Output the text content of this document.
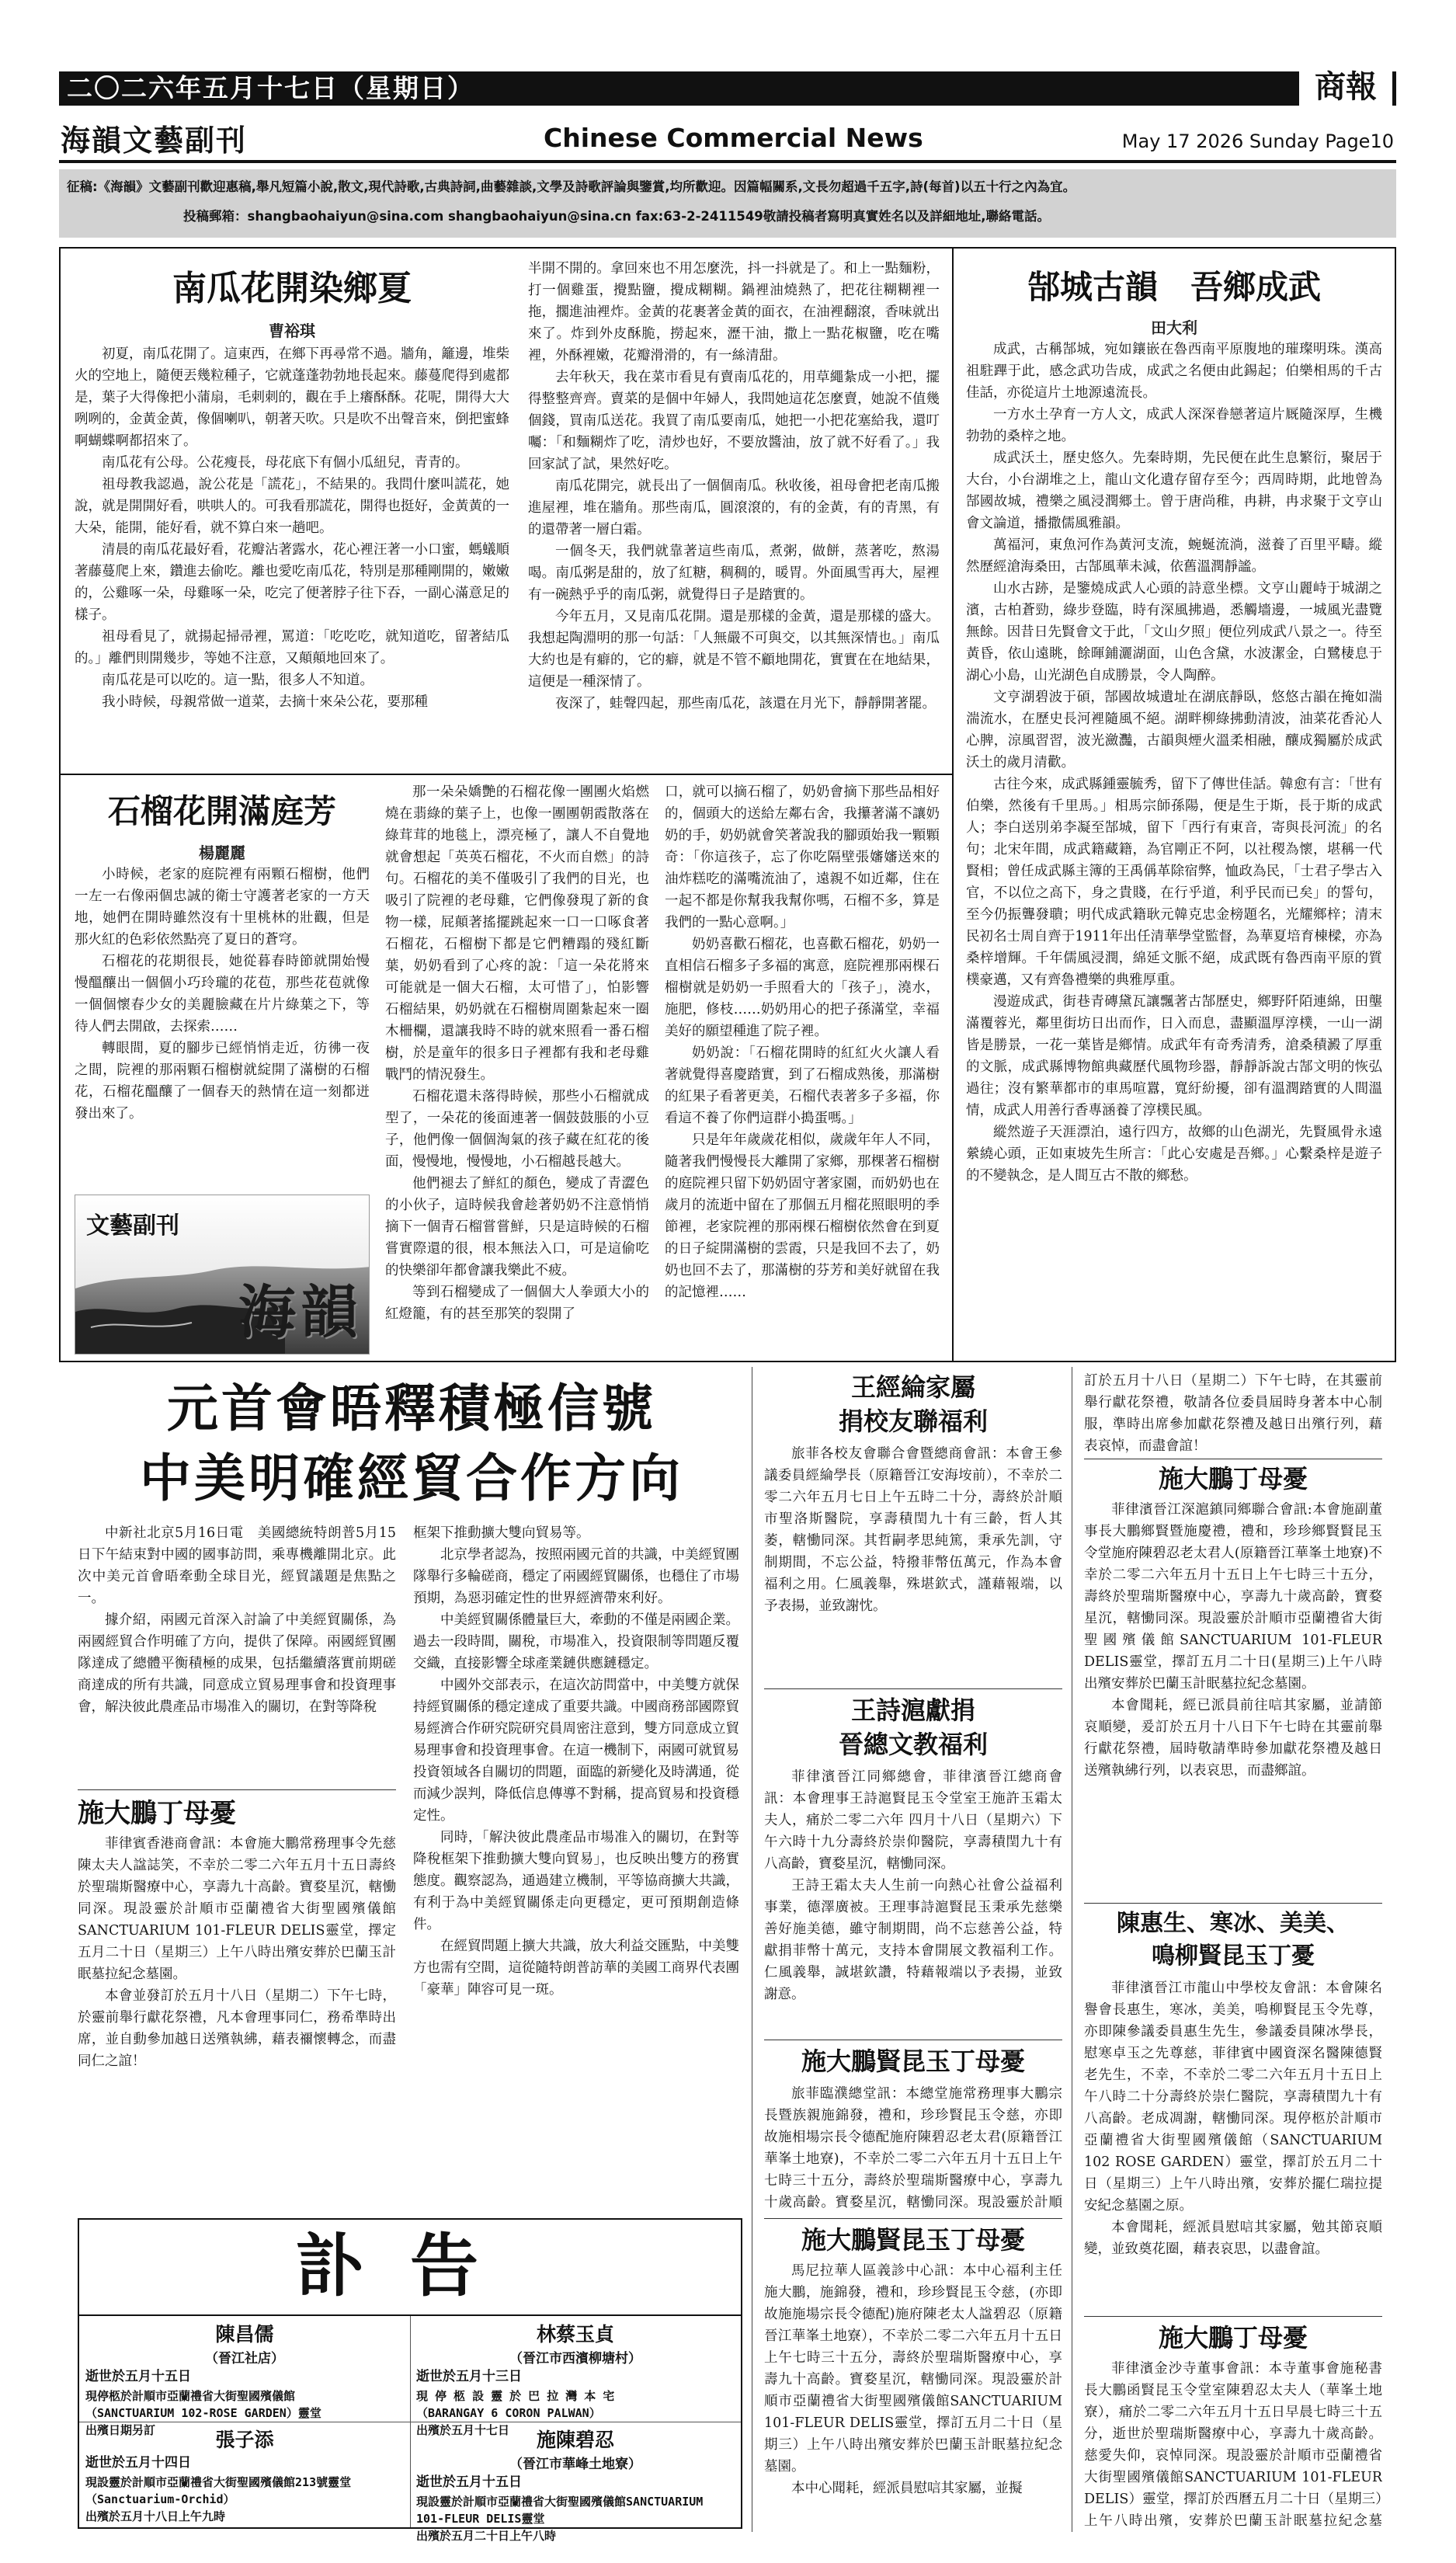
二〇二六年五月十七日（星期日）	商報
海韻文藝副刊	Chinese Commercial News	May 17 2026 Sunday Page10
征稿:《海韻》文藝副刊歡迎惠稿,舉凡短篇小說,散文,現代詩歌,古典詩詞,曲藝雜談,文學及詩歌評論與鑒賞,均所歡迎。因篇幅關系,文長勿超過千五字,詩(每首)以五十行之內為宜。
投稿郵箱：shangbaohaiyun@sina.com shangbaohaiyun@sina.cn fax:63-2-2411549敬請投稿者寫明真實姓名以及詳細地址,聯絡電話。
南瓜花開染鄉夏
曹裕琪

初夏，南瓜花開了。這東西，在鄉下再尋常不過。牆角，籬邊，堆柴火的空地上，隨便丟幾粒種子，它就蓬蓬勃勃地長起來。藤蔓爬得到處都是，葉子大得像把小蒲扇，毛刺刺的，觀在手上癢酥酥。花呢，開得大大咧咧的，金黃金黃，像個喇叭，朝著天吹。只是吹不出聲音來，倒把蜜蜂啊蝴蝶啊都招來了。

南瓜花有公母。公花瘦長，母花底下有個小瓜紐兒，青青的。

祖母教我認過，說公花是「謊花」，不結果的。我問什麼叫謊花，她說，就是開開好看，哄哄人的。可我看那謊花，開得也挺好，金黃黃的一大朵，能開，能好看，就不算白來一趟吧。

清晨的南瓜花最好看，花瓣沾著露水，花心裡汪著一小口蜜，螞蟻順著藤蔓爬上來，鑽進去偷吃。離也愛吃南瓜花，特別是那種剛開的，嫩嫩的，公雞啄一朵，母雞啄一朵，吃完了便著脖子往下吞，一副心滿意足的樣子。

祖母看見了，就揚起掃帚裡，罵道：「吃吃吃，就知道吃，留著結瓜的。」離們則開幾步，等她不注意，又顛顛地回來了。

南瓜花是可以吃的。這一點，很多人不知道。

我小時候，母親常做一道菜，去摘十來朵公花，要那種

半開不開的。拿回來也不用怎麼洗，抖一抖就是了。和上一點麵粉，打一個雞蛋，攪點鹽，攪成糊糊。鍋裡油燒熱了，把花往糊糊裡一拖，擱進油裡炸。金黃的花裹著金黃的面衣，在油裡翻滾，香味就出來了。炸到外皮酥脆，撈起來，瀝干油，撒上一點花椒鹽，吃在嘴裡，外酥裡嫩，花瓣滑滑的，有一絲清甜。

去年秋天，我在菜市看見有賣南瓜花的，用草繩紮成一小把，擺得整整齊齊。賣菜的是個中年婦人，我問她這花怎麼賣，她說不值幾個錢，買南瓜送花。我買了南瓜要南瓜，她把一小把花塞給我，還叮囑：「和麵糊炸了吃，清炒也好，不要放醬油，放了就不好看了。」我回家試了試，果然好吃。

南瓜花開完，就長出了一個個南瓜。秋收後，祖母會把老南瓜搬進屋裡，堆在牆角。那些南瓜，圓滾滾的，有的金黃，有的青黑，有的還帶著一層白霜。

一個冬天，我們就靠著這些南瓜，煮粥，做餅，蒸著吃，熬湯喝。南瓜粥是甜的，放了紅糖，稠稠的，暖胃。外面風雪再大，屋裡有一碗熱乎乎的南瓜粥，就覺得日子是踏實的。

今年五月，又見南瓜花開。還是那樣的金黃，還是那樣的盛大。我想起陶淵明的那一句話：「人無嚴不可與交，以其無深情也。」南瓜大約也是有癖的，它的癖，就是不管不顧地開花，實實在在地結果，這便是一種深情了。

夜深了，蛙聲四起，那些南瓜花，該還在月光下，靜靜開著罷。

石榴花開滿庭芳
楊麗麗

小時候，老家的庭院裡有兩顆石榴樹，他們一左一右像兩個忠誠的衛士守護著老家的一方天地，她們在開時雖然沒有十里桃林的壯觀，但是那火紅的色彩依然點亮了夏日的蒼穹。

石榴花的花期很長，她從暮春時節就開始慢慢醞釀出一個個小巧玲瓏的花苞，那些花苞就像一個個懷春少女的美麗臉藏在片片綠葉之下，等待人們去開啟，去探索……

轉眼間，夏的腳步已經悄悄走近，彷彿一夜之間，院裡的那兩顆石榴樹就綻開了滿樹的石榴花，石榴花醞釀了一個春天的熱情在這一刻都迸發出來了。

文藝副刊
海韻

那一朵朵嬌艷的石榴花像一團團火焰燃燒在翡綠的葉子上，也像一團團朝霞散落在綠茸茸的地毯上，漂亮極了，讓人不自覺地就會想起「英英石榴花，不火而自燃」的詩句。石榴花的美不僅吸引了我們的目光，也吸引了院裡的老母雞，它們像發現了新的食物一樣，屁顛著搖擺跳起來一口一口啄食著石榴花，石榴樹下都是它們糟蹋的殘紅斷葉，奶奶看到了心疼的說：「這一朵花將來可能就是一個大石榴，太可惜了」，怕影響石榴結果，奶奶就在石榴樹周圍紮起來一圈木柵欄，還讓我時不時的就來照看一番石榴樹，於是童年的很多日子裡都有我和老母雞戰鬥的情況發生。

石榴花還未落得時候，那些小石榴就成型了，一朵花的後面連著一個鼓鼓脹的小豆子，他們像一個個淘氣的孩子藏在紅花的後面，慢慢地，慢慢地，小石榴越長越大。

他們褪去了鮮紅的顏色，變成了青澀色的小伙子，這時候我會趁著奶奶不注意悄悄摘下一個青石榴嘗嘗鮮，只是這時候的石榴嘗實際還的很，根本無法入口，可是這偷吃的快樂卻年都會讓我樂此不疲。

等到石榴變成了一個個大人拳頭大小的紅燈籠，有的甚至那笑的裂開了

口，就可以摘石榴了，奶奶會摘下那些品相好的，個頭大的送給左鄰右舍，我攥著滿不讓奶奶的手，奶奶就會笑著說我的腳頭始我一顆顆奇：「你這孩子，忘了你吃隔壁張嬸嬸送來的油炸糕吃的滿嘴流油了，遠親不如近鄰，住在一起不都是你幫我我幫你嗎，石榴不多，算是我們的一點心意啊。」

奶奶喜歡石榴花，也喜歡石榴花，奶奶一直相信石榴多子多福的寓意，庭院裡那兩棵石榴樹就是奶奶一手照看大的「孩子」，澆水，施肥，修枝……奶奶用心的把子孫滿堂，幸福美好的願望種進了院子裡。

奶奶說：「石榴花開時的紅紅火火讓人看著就覺得喜慶踏實，到了石榴成熟後，那滿樹的紅果子看著更美，石榴代表著多子多福，你看這不養了你們這群小搗蛋嗎。」

只是年年歲歲花相似，歲歲年年人不同，隨著我們慢慢長大離開了家鄉，那棵著石榴樹的庭院裡只留下奶奶固守著家園，而奶奶也在歲月的流逝中留在了那個五月榴花照眼明的季節裡，老家院裡的那兩棵石榴樹依然會在到夏的日子綻開滿樹的雲霞，只是我回不去了，奶奶也回不去了，那滿樹的芬芳和美好就留在我的記憶裡……

郜城古韻　吾鄉成武
田大利

成武，古稱郜城，宛如鑲嵌在魯西南平原腹地的璀璨明珠。漢高祖駐蹕于此，感念武功告成，成武之名便由此錫起；伯樂相馬的千古佳話，亦從這片土地源遠流長。

一方水土孕育一方人文，成武人深深眷戀著這片厩隨深厚，生機勃勃的桑梓之地。

成武沃土，歷史悠久。先秦時期，先民便在此生息繁衍，聚居于大台，小台湖堆之上，龍山文化遺存留存至今；西周時期，此地曾為郜國故城，禮樂之風浸潤郷土。曾于唐尚稚，冉耕，冉求聚于文亨山會文論道，播撒儒風雅韻。

萬福河，東魚河作為黃河支流，蜿蜒流淌，滋養了百里平疇。縱然歷經滄海桑田，古郜風華未減，依舊溫潤靜謐。

山水古跡，是鑒燒成武人心頭的詩意坐標。文亨山麗峙于城湖之濱，古柏蒼勁，綠步登臨，時有深風拂過，悉觸墻邊，一城風光盡覽無餘。因昔日先賢會文于此，「文山夕照」便位列成武八景之一。待至黃昏，依山遠眺，餘暉鋪灑湖面，山色含黛，水波潔金，白鷺棲息于湖心小島，山光湖色自成勝景，令人陶醉。

文亨湖碧波于碩，郜國故城遺址在湖底靜臥，悠悠古韻在掩如湍湍流水，在歷史長河裡隨風不絕。湖畔柳綠拂動清波，油菜花香沁人心脾，涼風習習，波光瀲灩，古韻與煙火溫柔相融，釀成獨屬於成武沃土的歲月清歡。

古往今來，成武縣鍾靈毓秀，留下了傳世佳話。韓愈有言：「世有伯樂，然後有千里馬。」相馬宗師孫陽，便是生于斯，長于斯的成武人；李白送別弟李凝至郜城，留下「西行有東音，寄與長河流」的名句；北宋年間，成武籍藏籍，為官剛正不阿，以社稷為懷，堪稱一代賢相；曾任成武縣主簿的王禹偁革除宿弊，恤政為民，「士君子學古入官，不以位之高下，身之貴賤，在行乎道，利乎民而已矣」的誓句，至今仍振聾發聵；明代成武籍耿元韓克忠金榜題名，光耀鄉梓；清末民初名士周自齊于1911年出任清華學堂監督，為華夏培育棟樑，亦為桑梓增輝。千年儒風浸潤，綿延文脈不絕，成武既有魯西南平原的質樸豪邁，又有齊魯禮樂的典雅厚重。

漫遊成武，街巷青磚黛瓦讓飄著古郜歷史，鄉野阡陌連綿，田壟滿覆蓉光，鄰里街坊日出而作，日入而息，盡顯溫厚淳樸，一山一湖皆是勝景，一花一葉皆是鄉情。成武年有奇秀清秀，滄桑積澱了厚重的文脈，成武縣博物館典藏歷代風物珍器，靜靜訴說古郜文明的恢弘過往；沒有繁華都市的車馬喧囂，寬紆紛擾，卻有溫潤踏實的人間溫情，成武人用善行香專涵養了淳樸民風。

縱然遊子天涯漂泊，遠行四方，故鄉的山色湖光，先賢風骨永遠縈繞心頭，正如東坡先生所言：「此心安處是吾鄉。」心繫桑梓是遊子的不變執念，是人間互古不散的鄉愁。

元首會晤釋積極信號
中美明確經貿合作方向

中新社北京5月16日電　美國總統特朗普5月15日下午結束對中國的國事訪問，乘專機離開北京。此次中美元首會晤牽動全球目光，經貿議題是焦點之一。

據介紹，兩國元首深入討論了中美經貿關係，為兩國經貿合作明確了方向，提供了保障。兩國經貿團隊達成了總體平衡積極的成果，包括繼續落實前期磋商達成的所有共識，同意成立貿易理事會和投資理事會，解決彼此農產品市場准入的關切，在對等降稅

框架下推動擴大雙向貿易等。

北京學者認為，按照兩國元首的共識，中美經貿團隊舉行多輪磋商，穩定了兩國經貿關係，也穩住了市場預期，為惡羽確定性的世界經濟帶來利好。

中美經貿關係體量巨大，牽動的不僅是兩國企業。過去一段時間，關稅，市場准入，投資限制等問題反覆交織，直接影響全球產業鏈供應鏈穩定。

中國外交部表示，在這次訪問當中，中美雙方就保持經貿關係的穩定達成了重要共識。中國商務部國際貿易經濟合作研究院研究員周密注意到，雙方同意成立貿易理事會和投資理事會。在這一機制下，兩國可就貿易投資領域各自關切的問題，面臨的新變化及時溝通，從而減少誤判，降低信息傳導不對稱，提高貿易和投資穩定性。

同時，「解決彼此農產品市場准入的關切，在對等降稅框架下推動擴大雙向貿易」，也反映出雙方的務實態度。觀察認為，通過建立機制，平等協商擴大共識，有利于為中美經貿關係走向更穩定，更可預期創造條件。

在經貿問題上擴大共識，放大利益交匯點，中美雙方也需有空間，這從隨特朗普訪華的美國工商界代表團「豪華」陣容可見一斑。

施大鵬丁母憂

菲律賓香港商會訊：本會施大鵬常務理事令先慈陳太夫人諡誌笑，不幸於二零二六年五月十五日壽終於聖瑞斯醫療中心，享壽九十高齡。寶婺星沉，轄慟同深。現設靈於計順市亞蘭禮省大街聖國殯儀館SANCTUARIUM 101-FLEUR DELIS靈堂，擇定五月二十日（星期三）上午八時出殯安葬於巴蘭玉計眠墓拉紀念墓園。

本會並發訂於五月十八日（星期二）下午七時，於靈前舉行獻花祭禮，凡本會理事同仁，務希準時出席，並自動參加越日送殯執紼，藉表禰懷轉念，而盡同仁之誼！

王經綸家屬
捐校友聯福利

旅菲各校友會聯合會暨總商會訊：本會王參議委員經綸學長（原籍晉江安海垵前），不幸於二零二六年五月七日上午五時二十分，壽終於計順市聖洛斯醫院，享壽積閏九十有三齡，哲人其萎，轄慟同深。其哲嗣孝思純篤，秉承先訓，守制期間，不忘公益，特撥菲幣伍萬元，作為本會福利之用。仁風義舉，殊堪欽式，謹藉報端，以予表揚，並致謝忱。

王詩滬獻捐
晉總文教福利

菲律濱晉江同鄉總會，菲律濱晉江總商會訊：本會理事王詩滬賢昆玉令堂室王施許玉霜太夫人，痛於二零二六年 四月十八日（星期六）下午六時十九分壽終於崇仰醫院，享壽積閏九十有八高齡，寶婺星沉，轄慟同深。

王詩王霜太夫人生前一向熱心社會公益福利事業，德澤廣被。王理事詩滬賢昆玉秉承先慈樂善好施美德，雖守制期間，尚不忘慈善公益，特獻捐菲幣十萬元，支持本會開展文教福利工作。仁風義舉，誠堪欽讚，特藉報端以予表揚，並致謝意。

施大鵬賢昆玉丁母憂

旅菲臨濮總堂訊：本總堂施常務理事大鵬宗長暨族親施錦發，禮和，珍珍賢昆玉令慈，亦即故施相場宗長令德配施府陳碧忍老太君(原籍晉江華峯土地寮)，不幸於二零二六年五月十五日上午七時三十五分，壽終於聖瑞斯醫療中心，享壽九十歲高齡。寶婺星沉，轄慟同深。現設靈於計順

訂於五月十八日（星期二）下午七時，在其靈前舉行獻花祭禮，敬請各位委員屆時身著本中心制服，準時出席參加獻花祭禮及越日出殯行列，藉表哀悼，而盡會誼！

施大鵬丁母憂

菲律濱晉江深滬鎮同鄉聯合會訊:本會施副董事長大鵬鄉賢暨施慶禮，禮和，珍珍鄉賢賢昆玉令堂施府陳碧忍老太君人(原籍晉江華峯土地寮)不幸於二零二六年五月十五日上午七時三十五分，壽終於聖瑞斯醫療中心，享壽九十歲高齡，寶婺星沉，轄慟同深。現設靈於計順市亞蘭禮省大街聖國殯儀館SANCTUARIUM 101-FLEUR DELIS靈堂，擇訂五月二十日(星期三)上午八時出殯安葬於巴蘭玉計眠墓拉紀念墓園。

本會聞耗，經已派員前往唁其家屬，並請節哀順變，爰訂於五月十八日下午七時在其靈前舉行獻花祭禮，屆時敬請準時參加獻花祭禮及越日送殯執紼行列，以表哀思，而盡鄉誼。

陳惠生、寒冰、美美、
鳴柳賢昆玉丁憂

菲律濱晉江市龍山中學校友會訊：本會陳名譽會長惠生，寒冰，美美，嗚柳賢昆玉令先尊，亦即陳參議委員惠生先生，參議委員陳冰學長，慰寒卓玉之先尊慈，菲律賓中國資深名醫陳德賢老先生，不幸，不幸於二零二六年五月十五日上午八時二十分壽終於崇仁醫院，享壽積閏九十有八高齡。老成凋謝，轄慟同深。現停柩於計順市亞蘭禮省大街聖國殯儀館（SANCTUARIUM 102 ROSE GARDEN）靈堂，擇訂於五月二十日（星期三）上午八時出殯，安葬於擺仁瑞拉提安紀念墓園之原。

本會聞耗，經派員慰唁其家屬，勉其節哀順變，並致奠花圈，藉表哀思，以盡會誼。

施大鵬丁母憂

菲律濱金沙寺董事會訊：本寺董事會施秘書長大鵬函賢昆玉令堂室陳碧忍太夫人（華峯土地寮），痛於二零二六年五月十五日早晨七時三十五分，逝世於聖瑞斯醫療中心，享壽九十歲高齡。慈愛失仰，哀悼同深。現設靈於計順市亞蘭禮省大街聖國殯儀館SANCTUARIUM 101-FLEUR DELIS）靈堂，擇訂於西曆五月二十日（星期三）上午八時出殯，安葬於巴蘭玉計眠墓拉紀念墓

施大鵬賢昆玉丁母憂

馬尼拉華人區義診中心訊：本中心福利主任施大鵬，施錦發，禮和，珍珍賢昆玉令慈，(亦即故施施場宗長令德配)施府陳老太人諡碧忍（原籍晉江華峯土地寮），不幸於二零二六年五月十五日上午七時三十五分，壽終於聖瑞斯醫療中心，享壽九十高齡。寶婺星沉，轄慟同深。現設靈於計順市亞蘭禮省大街聖國殯儀館SANCTUARIUM 101-FLEUR DELIS靈堂，擇訂五月二十日（星期三）上午八時出殯安葬於巴蘭玉計眠墓拉紀念墓園。

本中心聞耗，經派員慰唁其家屬，並擬

訃告
陳昌儒
（晉江社店）
逝世於五月十五日
現停柩於計順市亞蘭禮省大街聖國殯儀館
（SANCTUARIUM 102-ROSE GARDEN）靈堂
出殯日期另訂
林蔡玉貞
（晉江市西濱柳塘村）
逝世於五月十三日
現 停 柩 設 靈 於 巴 拉 灣 本 宅
（BARANGAY 6 CORON PALWAN）
出殯於五月十七日
張子添
逝世於五月十四日
現設靈於計順市亞蘭禮省大街聖國殯儀館213號靈堂（Sanctuarium-Orchid）
出殯於五月十八日上午九時
施陳碧忍
（晉江市華峰土地寮）
逝世於五月十五日
現設靈於計順市亞蘭禮省大街聖國殯儀館SANCTUARIUM 101-FLEUR DELIS靈堂
出殯於五月二十日上午八時
